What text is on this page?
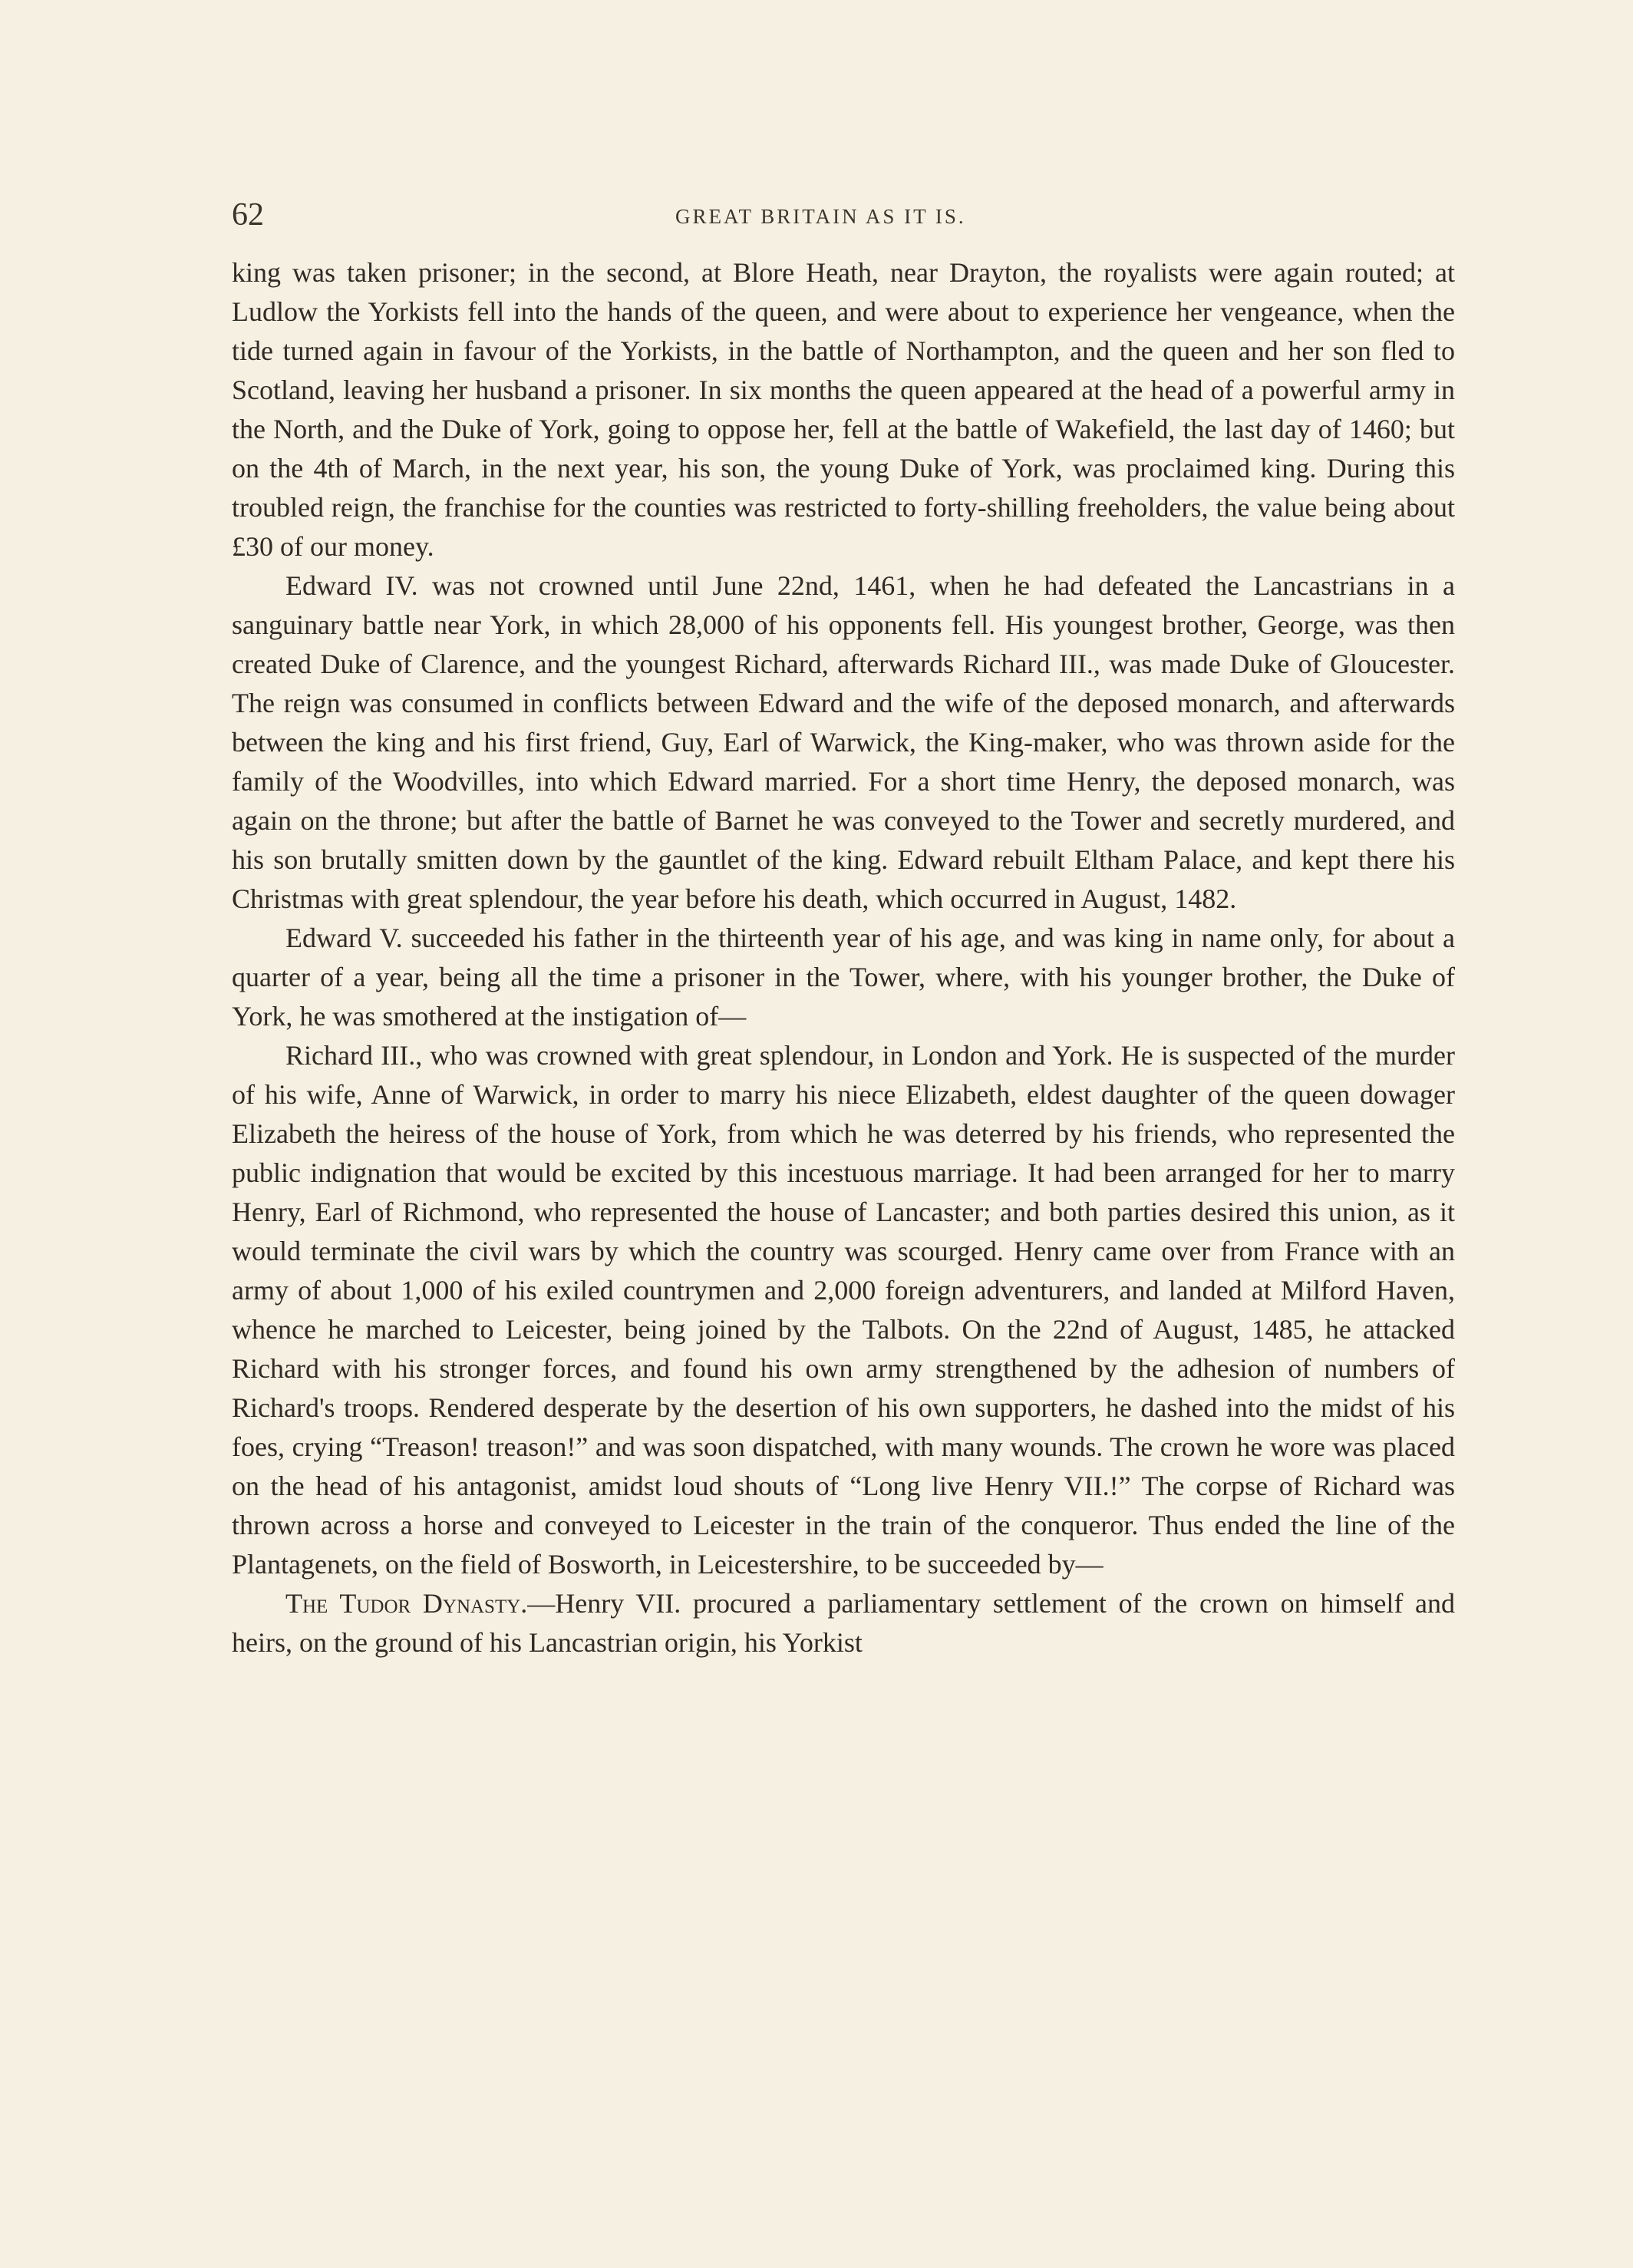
62	GREAT BRITAIN AS IT IS.

king was taken prisoner; in the second, at Blore Heath, near Drayton, the royalists were again routed; at Ludlow the Yorkists fell into the hands of the queen, and were about to experience her vengeance, when the tide turned again in favour of the Yorkists, in the battle of Northampton, and the queen and her son fled to Scotland, leaving her husband a prisoner. In six months the queen appeared at the head of a powerful army in the North, and the Duke of York, going to oppose her, fell at the battle of Wakefield, the last day of 1460; but on the 4th of March, in the next year, his son, the young Duke of York, was proclaimed king. During this troubled reign, the franchise for the counties was restricted to forty-shilling freeholders, the value being about £30 of our money.

Edward IV. was not crowned until June 22nd, 1461, when he had defeated the Lancastrians in a sanguinary battle near York, in which 28,000 of his opponents fell. His youngest brother, George, was then created Duke of Clarence, and the youngest Richard, afterwards Richard III., was made Duke of Gloucester. The reign was consumed in conflicts between Edward and the wife of the deposed monarch, and afterwards between the king and his first friend, Guy, Earl of Warwick, the King-maker, who was thrown aside for the family of the Woodvilles, into which Edward married. For a short time Henry, the deposed monarch, was again on the throne; but after the battle of Barnet he was conveyed to the Tower and secretly murdered, and his son brutally smitten down by the gauntlet of the king. Edward rebuilt Eltham Palace, and kept there his Christmas with great splendour, the year before his death, which occurred in August, 1482.

Edward V. succeeded his father in the thirteenth year of his age, and was king in name only, for about a quarter of a year, being all the time a prisoner in the Tower, where, with his younger brother, the Duke of York, he was smothered at the instigation of—

Richard III., who was crowned with great splendour, in London and York. He is suspected of the murder of his wife, Anne of Warwick, in order to marry his niece Elizabeth, eldest daughter of the queen dowager Elizabeth the heiress of the house of York, from which he was deterred by his friends, who represented the public indignation that would be excited by this incestuous marriage. It had been arranged for her to marry Henry, Earl of Richmond, who represented the house of Lancaster; and both parties desired this union, as it would terminate the civil wars by which the country was scourged. Henry came over from France with an army of about 1,000 of his exiled countrymen and 2,000 foreign adventurers, and landed at Milford Haven, whence he marched to Leicester, being joined by the Talbots. On the 22nd of August, 1485, he attacked Richard with his stronger forces, and found his own army strengthened by the adhesion of numbers of Richard's troops. Rendered desperate by the desertion of his own supporters, he dashed into the midst of his foes, crying “Treason! treason!” and was soon dispatched, with many wounds. The crown he wore was placed on the head of his antagonist, amidst loud shouts of “Long live Henry VII.!” The corpse of Richard was thrown across a horse and conveyed to Leicester in the train of the conqueror. Thus ended the line of the Plantagenets, on the field of Bosworth, in Leicestershire, to be succeeded by—

The Tudor Dynasty.—Henry VII. procured a parliamentary settlement of the crown on himself and heirs, on the ground of his Lancastrian origin, his Yorkist
